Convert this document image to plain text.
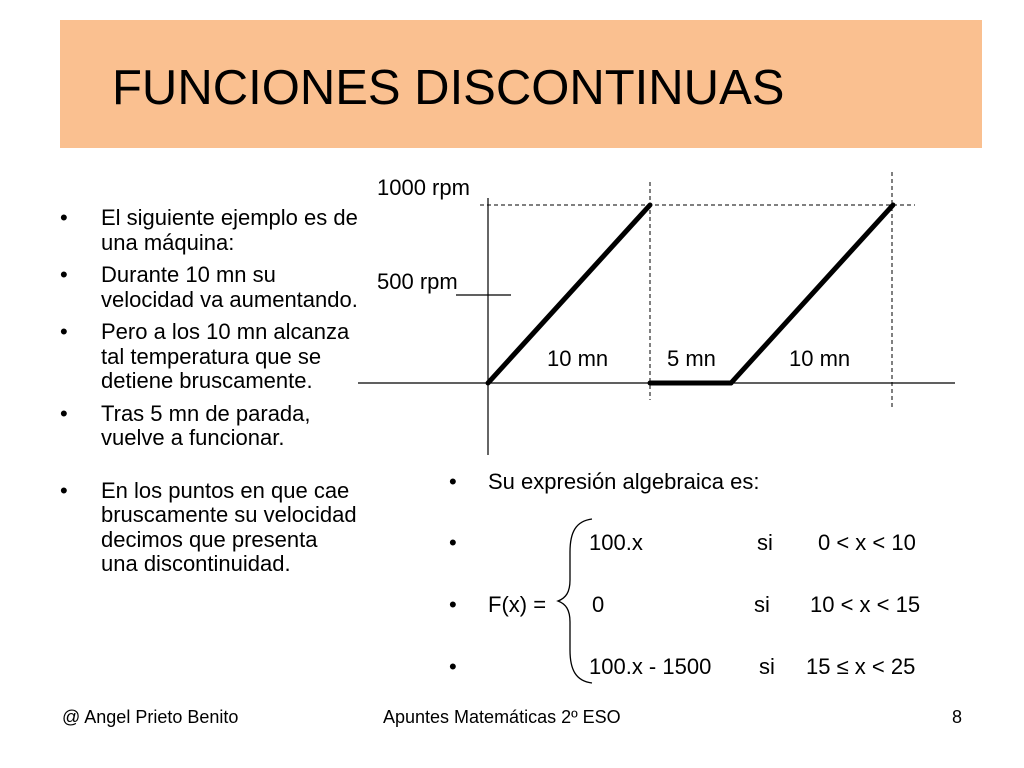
FUNCIONES DISCONTINUAS
• El siguiente ejemplo es de una máquina:
• Durante 10 mn su velocidad va aumentando.
• Pero a los 10 mn alcanza tal temperatura que se detiene bruscamente.
• Tras 5 mn de parada, vuelve a funcionar.
• En los puntos en que cae bruscamente su velocidad decimos que presenta una discontinuidad.
1000 rpm
500 rpm
10 mn	5 mn	10 mn
• Su expresión algebraica es:
•
•
•
F(x) =
100.x	si 0 < x < 10
0	si 10 < x < 15
100.x - 1500 si 15 ≤ x < 25
@ Angel Prieto Benito	Apuntes Matemáticas 2º ESO	8
